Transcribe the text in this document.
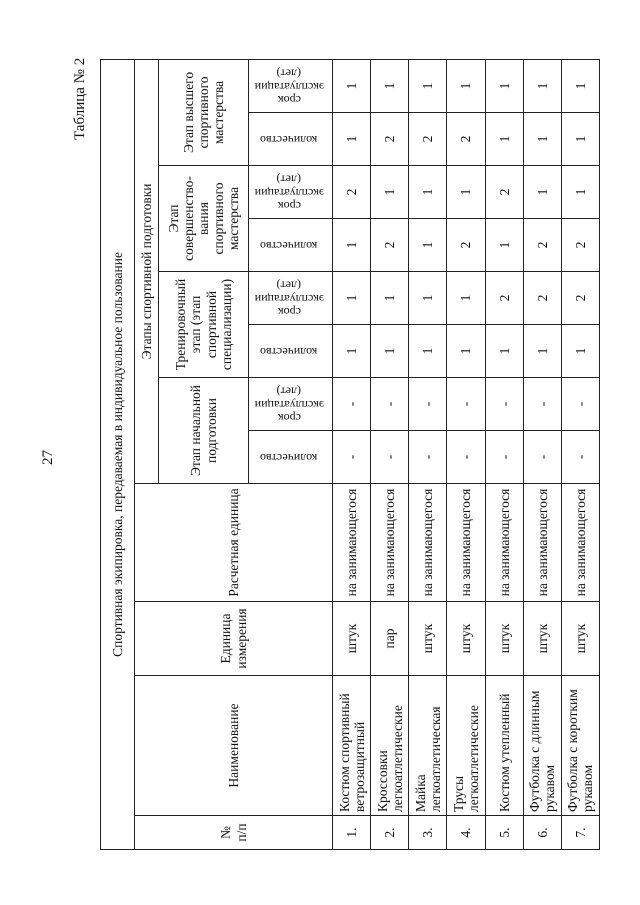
27
Таблица № 2
Спортивная экипировка, передаваемая в индивидуальное пользование											
№ п/п	Наименование	Единица измерения	Расчетная единица	Этапы спортивной подготовки							
				Этап начальной подготовки		Тренировочный этап (этап спортивной специализации)		Этап совершенство-вания спортивного мастерства		Этап высшего спортивного мастерства	
				количество	срок эксплуатации (лет)	количество	срок эксплуатации (лет)	количество	срок эксплуатации (лет)	количество	срок эксплуатации (лет)

1.	Костюм спортивный ветрозащитный	штук	на занимающегося	-	-	1	1	1	2	1	1
2.	Кроссовки легкоатлетические	пар	на занимающегося	-	-	1	1	2	1	2	1
3.	Майка легкоатлетическая	штук	на занимающегося	-	-	1	1	1	1	2	1
4.	Трусы легкоатлетические	штук	на занимающегося	-	-	1	1	2	1	2	1
5.	Костюм утепленный	штук	на занимающегося	-	-	1	2	1	2	1	1
6.	Футболка с длинным рукавом	штук	на занимающегося	-	-	1	2	2	1	1	1
7.	Футболка с коротким рукавом	штук	на занимающегося	-	-	1	2	2	1	1	1
